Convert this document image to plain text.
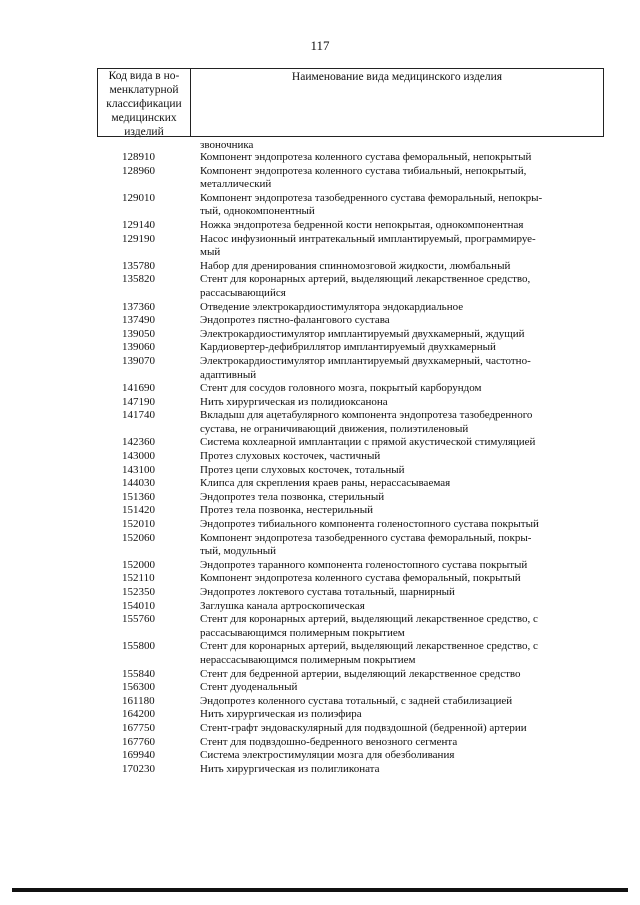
117
Код вида в но-
менклатурной
классификации
медицинских
изделий
Наименование вида медицинского изделия
звоночника
128910	Компонент эндопротеза коленного сустава феморальный, непокрытый
128960	Компонент эндопротеза коленного сустава тибиальный, непокрытый,
металлический
129010	Компонент эндопротеза тазобедренного сустава феморальный, непокры-
тый, однокомпонентный
129140	Ножка эндопротеза бедренной кости непокрытая, однокомпонентная
129190	Насос инфузионный интратекальный имплантируемый, программируе-
мый
135780	Набор для дренирования спинномозговой жидкости, люмбальный
135820	Стент для коронарных артерий, выделяющий лекарственное средство,
рассасывающийся
137360	Отведение электрокардиостимулятора эндокардиальное
137490	Эндопротез пястно-фалангового сустава
139050	Электрокардиостимулятор имплантируемый двухкамерный, ждущий
139060	Кардиовертер-дефибриллятор имплантируемый двухкамерный
139070	Электрокардиостимулятор имплантируемый двухкамерный, частотно-
адаптивный
141690	Стент для сосудов головного мозга, покрытый карборундом
147190	Нить хирургическая из полидиоксанона
141740	Вкладыш для ацетабулярного компонента эндопротеза тазобедренного
сустава, не ограничивающий движения, полиэтиленовый
142360	Система кохлеарной имплантации с прямой акустической стимуляцией
143000	Протез слуховых косточек, частичный
143100	Протез цепи слуховых косточек, тотальный
144030	Клипса для скрепления краев раны, нерассасываемая
151360	Эндопротез тела позвонка, стерильный
151420	Протез тела позвонка, нестерильный
152010	Эндопротез тибиального компонента голеностопного сустава покрытый
152060	Компонент эндопротеза тазобедренного сустава феморальный, покры-
тый, модульный
152000	Эндопротез таранного компонента голеностопного сустава покрытый
152110	Компонент эндопротеза коленного сустава феморальный, покрытый
152350	Эндопротез локтевого сустава тотальный, шарнирный
154010	Заглушка канала артроскопическая
155760	Стент для коронарных артерий, выделяющий лекарственное средство, с
рассасывающимся полимерным покрытием
155800	Стент для коронарных артерий, выделяющий лекарственное средство, с
нерассасывающимся полимерным покрытием
155840	Стент для бедренной артерии, выделяющий лекарственное средство
156300	Стент дуоденальный
161180	Эндопротез коленного сустава тотальный, с задней стабилизацией
164200	Нить хирургическая из полиэфира
167750	Стент-графт эндоваскулярный для подвздошной (бедренной) артерии
167760	Стент для подвздошно-бедренного венозного сегмента
169940	Система электростимуляции мозга для обезболивания
170230	Нить хирургическая из полигликоната
